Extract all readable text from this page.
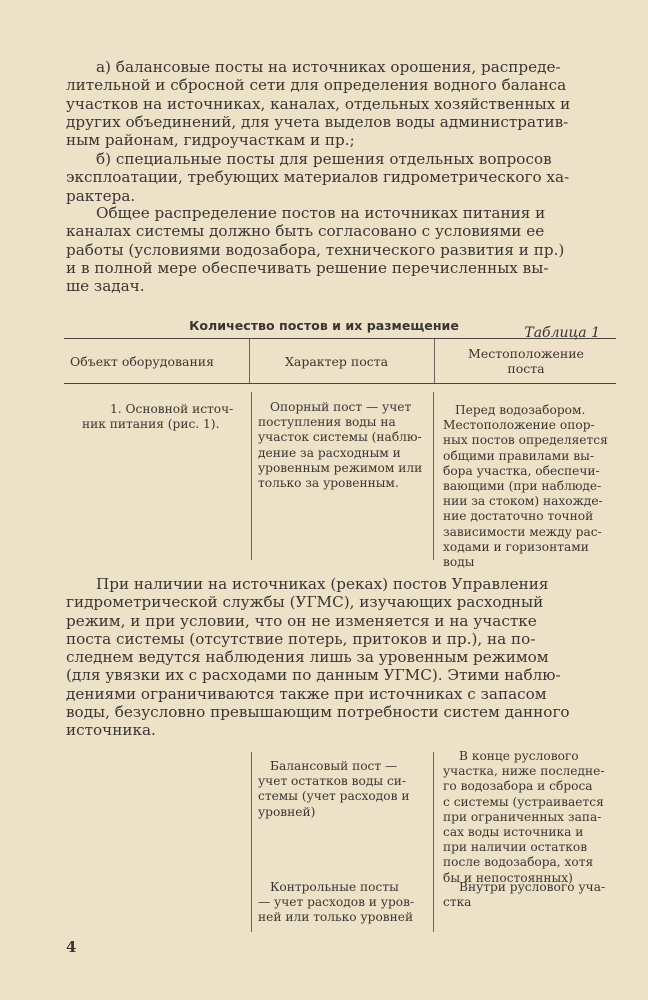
а) балансовые посты на источниках орошения, распреде-

лительной и сбросной сети для определения водного баланса
участков на источниках, каналах, отдельных хозяйственных и
других объединений, для учета выделов воды административ-
ным районам, гидроучасткам и пр.;

б) специальные посты для решения отдельных вопросов

эксплоатации, требующих материалов гидрометрического ха-
рактера.

Общее распределение постов на источниках питания и

каналах системы должно быть согласовано с условиями ее
работы (условиями водозабора, технического развития и пр.)
и в полной мере обеспечивать решение перечисленных вы-
ше задач.

Таблица 1
Количество постов и их размещение
Объект оборудования	Характер поста
Местоположение
поста

1. Основной источ-
ник питания (рис. 1).

Опорный пост — учет
поступления воды на
участок системы (наблю-
дение за расходным и
уровенным режимом или
только за уровенным.

Перед водозабором.
Местоположение опор-
ных постов определяется
общими правилами вы-
бора участка, обеспечи-
вающими (при наблюде-
нии за стоком) нахожде-
ние достаточно точной
зависимости между рас-
ходами и горизонтами
воды

При наличии на источниках (реках) постов Управления

гидрометрической службы (УГМС), изучающих расходный
режим, и при условии, что он не изменяется и на участке
поста системы (отсутствие потерь, притоков и пр.), на по-
следнем ведутся наблюдения лишь за уровенным режимом
(для увязки их с расходами по данным УГМС). Этими наблю-
дениями ограничиваются также при источниках с запасом
воды, безусловно превышающим потребности систем данного
источника.

Балансовый пост —
учет остатков воды си-
стемы (учет расходов и
уровней)

В конце руслового
участка, ниже последне-
го водозабора и сброса
с системы (устраивается
при ограниченных запа-
сах воды источника и
при наличии остатков
после водозабора, хотя
бы и непостоянных)

Контрольные посты
— учет расходов и уров-
ней или только уровней

Внутри руслового уча-
стка

4
